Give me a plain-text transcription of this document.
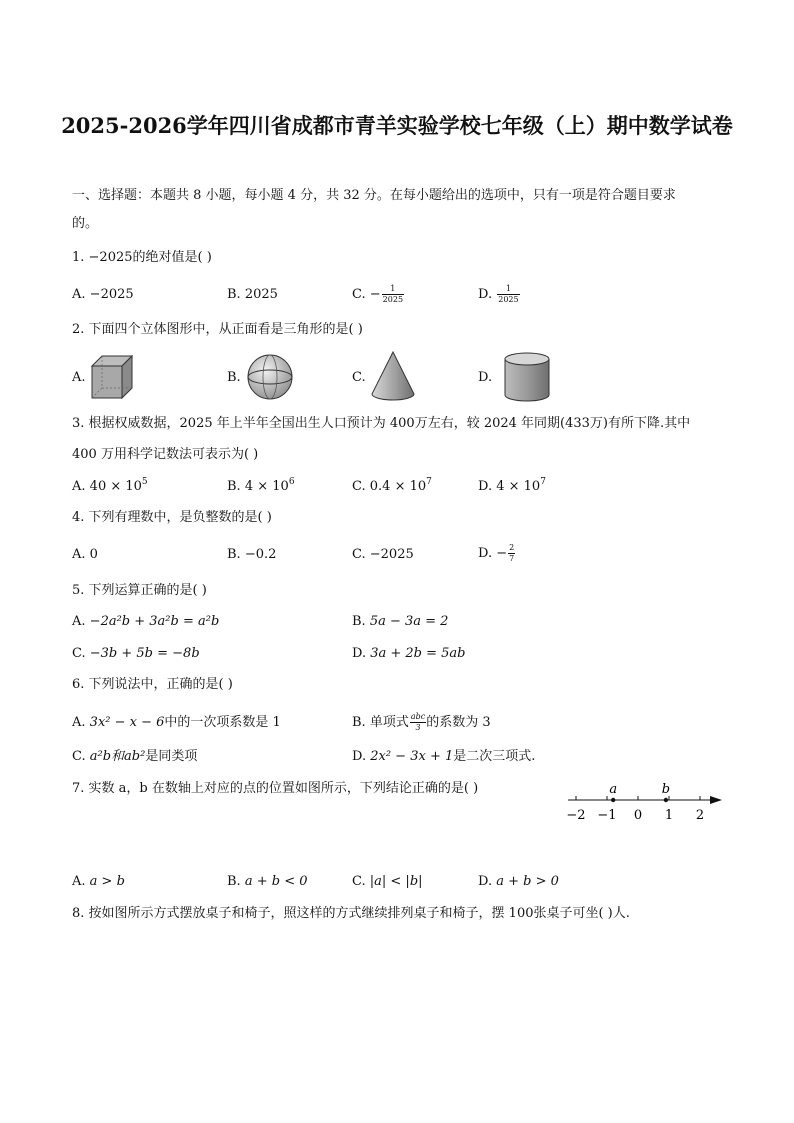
2025-2026学年四川省成都市青羊实验学校七年级（上）期中数学试卷
一、选择题：本题共 8 小题，每小题 4 分，共 32 分。在每小题给出的选项中，只有一项是符合题目要求
的。
1. −2025的绝对值是( )
A. −2025	B. 2025	C. − $\frac{1}{2025}$	D. $\frac{1}{2025}$
2. 下面四个立体图形中，从正面看是三角形的是( )
A.	B.	C.	D.
3. 根据权威数据，2025 年上半年全国出生人口预计为 400万左右，较 2024 年同期(433万)有所下降.其中
400 万用科学记数法可表示为( )
A. $40 \times 10^5$	B. $4 \times 10^6$	C. $0.4 \times 10^7$	D. $4 \times 10^7$
4. 下列有理数中，是负整数的是( )
A. 0	B. −0.2	C. −2025	D. − $\frac{2}{7}$
5. 下列运算正确的是( )
A. −2a²b + 3a²b = a²b	B. 5a − 3a = 2
C. −3b + 5b = −8b	D. 3a + 2b = 5ab
6. 下列说法中，正确的是( )
A. 3x² − x − 6中的一次项系数是 1	B. 单项式 $\frac{\text{abc}}{3}$ 的系数为 3
C. a²b和ab²是同类项	D. 2x² − 3x + 1是二次三项式.
7. 实数 a，b 在数轴上对应的点的位置如图所示，下列结论正确的是( )
−2 −1 0 1 2
a	b
A. a > b	B. a + b < 0	C. |a| < |b|	D. a + b > 0
8. 按如图所示方式摆放桌子和椅子，照这样的方式继续排列桌子和椅子，摆 100张桌子可坐( )人.
